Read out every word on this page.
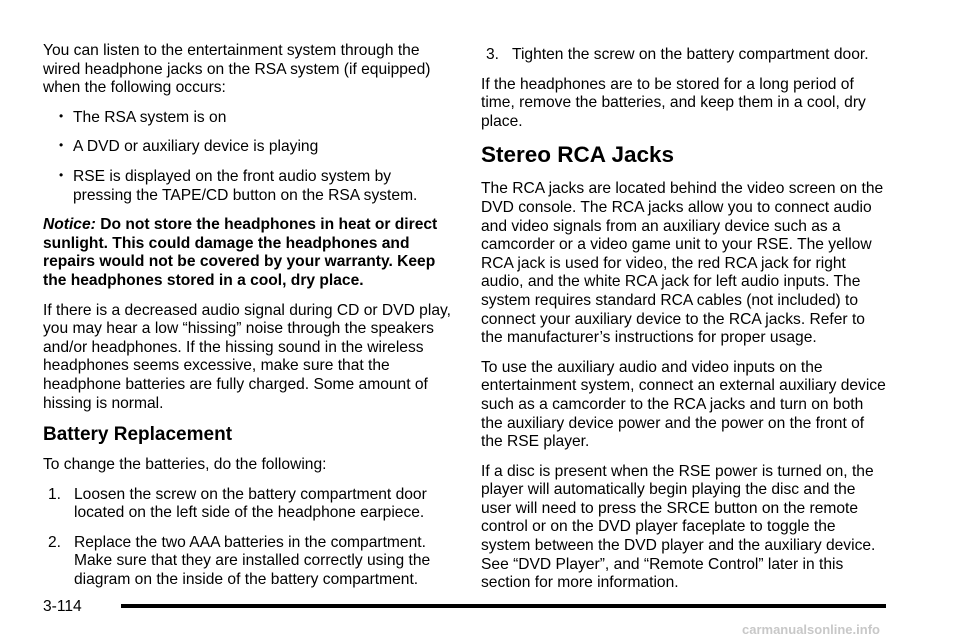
You can listen to the entertainment system through the wired headphone jacks on the RSA system (if equipped) when the following occurs:

• The RSA system is on
• A DVD or auxiliary device is playing
• RSE is displayed on the front audio system by pressing the TAPE/CD button on the RSA system.

Notice: Do not store the headphones in heat or direct sunlight. This could damage the headphones and repairs would not be covered by your warranty. Keep the headphones stored in a cool, dry place.

If there is a decreased audio signal during CD or DVD play, you may hear a low “hissing” noise through the speakers and/or headphones. If the hissing sound in the wireless headphones seems excessive, make sure that the headphone batteries are fully charged. Some amount of hissing is normal.

Battery Replacement

To change the batteries, do the following:

1. Loosen the screw on the battery compartment door located on the left side of the headphone earpiece.
2. Replace the two AAA batteries in the compartment. Make sure that they are installed correctly using the diagram on the inside of the battery compartment.
3. Tighten the screw on the battery compartment door.

If the headphones are to be stored for a long period of time, remove the batteries, and keep them in a cool, dry place.

Stereo RCA Jacks

The RCA jacks are located behind the video screen on the DVD console. The RCA jacks allow you to connect audio and video signals from an auxiliary device such as a camcorder or a video game unit to your RSE. The yellow RCA jack is used for video, the red RCA jack for right audio, and the white RCA jack for left audio inputs. The system requires standard RCA cables (not included) to connect your auxiliary device to the RCA jacks. Refer to the manufacturer’s instructions for proper usage.

To use the auxiliary audio and video inputs on the entertainment system, connect an external auxiliary device such as a camcorder to the RCA jacks and turn on both the auxiliary device power and the power on the front of the RSE player.

If a disc is present when the RSE power is turned on, the player will automatically begin playing the disc and the user will need to press the SRCE button on the remote control or on the DVD player faceplate to toggle the system between the DVD player and the auxiliary device. See “DVD Player”, and “Remote Control” later in this section for more information.

3-114
carmanualsonline.info
